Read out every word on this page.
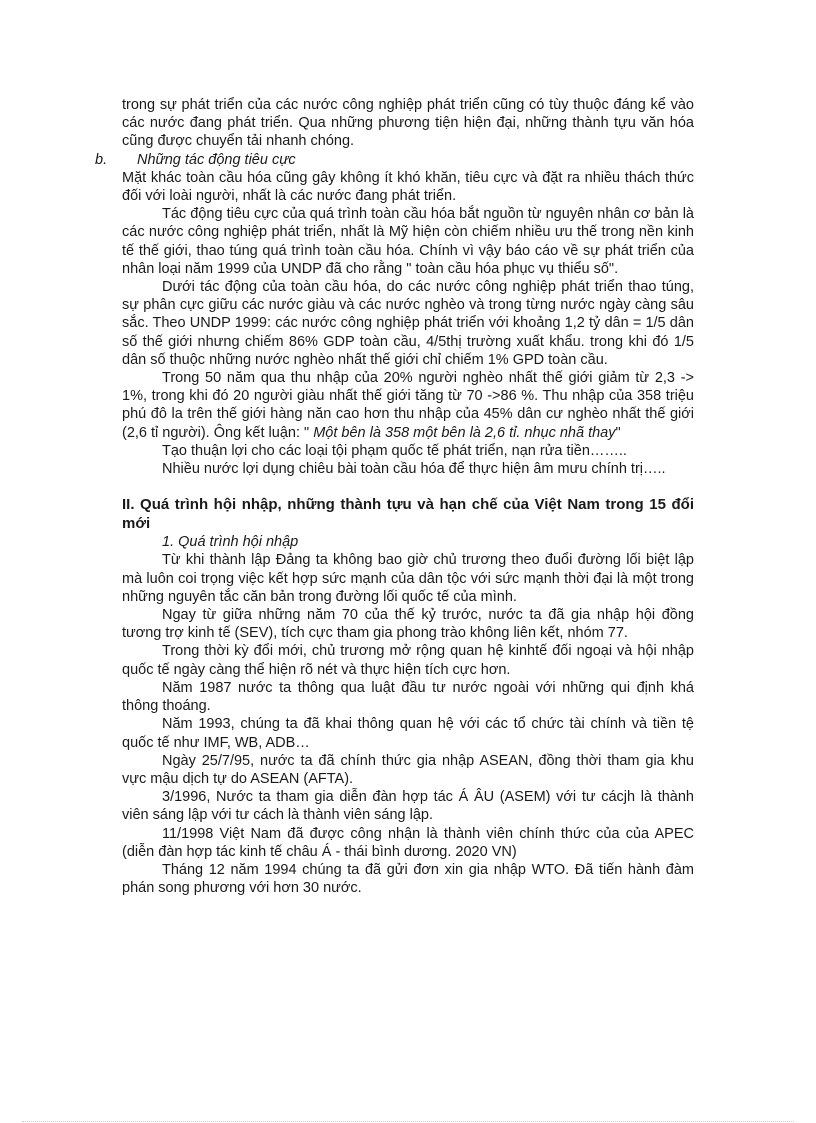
trong sự phát triển của các nước công nghiệp phát triển cũng có tùy thuộc đáng kể vào các nước đang phát triển. Qua những phương tiện hiện đại, những thành tựu văn hóa cũng được chuyển tải nhanh chóng.

b. Những tác động tiêu cực

Mặt khác toàn cầu hóa cũng gây không ít khó khăn, tiêu cực và đặt ra nhiều thách thức đối với loài người, nhất là các nước đang phát triển.

Tác động tiêu cực của quá trình toàn cầu hóa bắt nguồn từ nguyên nhân cơ bản là các nước công nghiệp phát triển, nhất là Mỹ hiện còn chiếm nhiều ưu thế trong nền kinh tế thế giới, thao túng quá trình toàn cầu hóa. Chính vì vậy báo cáo về sự phát triển của nhân loại năm 1999 của UNDP đã cho rằng " toàn cầu hóa phục vụ thiểu số".

Dưới tác động của toàn cầu hóa, do các nước công nghiệp phát triển thao túng, sự phân cực giữu các nước giàu và các nước nghèo và trong từng nước ngày càng sâu sắc. Theo UNDP 1999: các nước công nghiệp phát triển với khoảng 1,2 tỷ dân = 1/5 dân số thế giới nhưng chiếm 86% GDP toàn cầu, 4/5thị trường xuất khẩu. trong khi đó 1/5 dân số thuộc những nước nghèo nhất thế giới chỉ chiếm 1% GPD toàn cầu.

Trong 50 năm qua thu nhập của 20% người nghèo nhất thế giới giảm từ 2,3 -> 1%, trong khi đó 20 người giàu nhất thế giới tăng từ 70 ->86 %. Thu nhập của 358 triệu phú đô la trên thế giới hàng năn cao hơn thu nhập của 45% dân cư nghèo nhất thế giới (2,6 tỉ người). Ông kết luận: " Một bên là 358 một bên là 2,6 tỉ. nhục nhã thay"

Tạo thuận lợi cho các loại tội phạm quốc tế phát triển, nạn rửa tiền……..

Nhiều nước lợi dụng chiêu bài toàn cầu hóa để thực hiện âm mưu chính trị…..

II. Quá trình hội nhập, những thành tựu và hạn chế của Việt Nam trong 15 đổi mới

1. Quá trình hội nhập

Từ khi thành lập Đảng ta không bao giờ chủ trương theo đuổi đường lối biệt lập mà luôn coi trọng việc kết hợp sức mạnh của dân tộc với sức mạnh thời đại là một trong những nguyên tắc căn bản trong đường lối quốc tế của mình.

Ngay từ giữa những năm 70 của thế kỷ trước, nước ta đã gia nhập hội đồng tương trợ kinh tế (SEV), tích cực tham gia phong trào không liên kết, nhóm 77.

Trong thời kỳ đổi mới, chủ trương mở rộng quan hệ kinhtế đối ngoại và hội nhập quốc tế ngày càng thể hiện rõ nét và thực hiện tích cực hơn.

Năm 1987 nước ta thông qua luật đầu tư nước ngoài với những qui định khá thông thoáng.

Năm 1993, chúng ta đã khai thông quan hệ với các tổ chức tài chính và tiền tệ quốc tế như IMF, WB, ADB…

Ngày 25/7/95, nước ta đã chính thức gia nhập ASEAN, đồng thời tham gia khu vực mậu dịch tự do ASEAN (AFTA).

3/1996, Nước ta tham gia diễn đàn hợp tác Á ÂU (ASEM) với tư cácjh là thành viên sáng lập với tư cách là thành viên sáng lập.

11/1998 Việt Nam đã được công nhận là thành viên chính thức của của APEC (diễn đàn hợp tác kinh tế châu Á - thái bình dương. 2020 VN)

Tháng 12 năm 1994 chúng ta đã gửi đơn xin gia nhập WTO. Đã tiến hành đàm phán song phương với hơn 30 nước.
